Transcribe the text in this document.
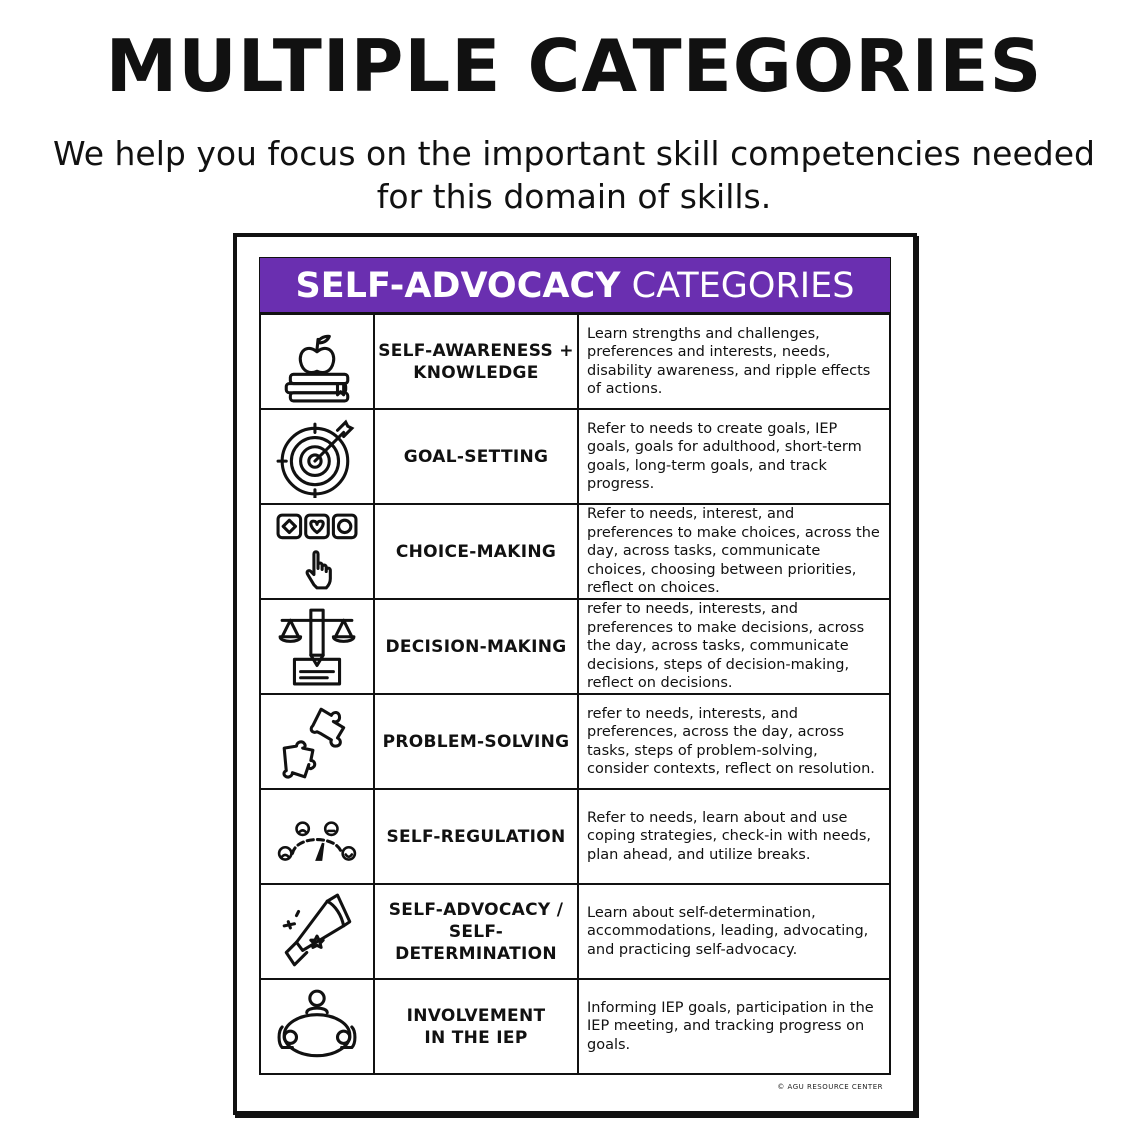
MULTIPLE CATEGORIES
We help you focus on the important skill competencies needed for this domain of skills.
SELF-ADVOCACY CATEGORIES
	SELF-AWARENESS +
KNOWLEDGE	Learn strengths and challenges, preferences and interests, needs, disability awareness, and ripple effects of actions.

	GOAL-SETTING	Refer to needs to create goals, IEP goals, goals for adulthood, short-term goals, long-term goals, and track progress.

	CHOICE-MAKING	Refer to needs, interest, and preferences to make choices, across the day, across tasks, communicate choices, choosing between priorities, reflect on choices.

	DECISION-MAKING	refer to needs, interests, and preferences to make decisions, across the day, across tasks, communicate decisions, steps of decision-making, reflect on decisions.

	PROBLEM-SOLVING	refer to needs, interests, and preferences, across the day, across tasks, steps of problem-solving, consider contexts, reflect on resolution.

	SELF-REGULATION	Refer to needs, learn about and use coping strategies, check-in with needs, plan ahead, and utilize breaks.

	SELF-ADVOCACY /
SELF-DETERMINATION	Learn about self-determination, accommodations, leading, advocating, and practicing self-advocacy.

	INVOLVEMENT
IN THE IEP	Informing IEP goals, participation in the IEP meeting, and tracking progress on goals.
© AGU RESOURCE CENTER
